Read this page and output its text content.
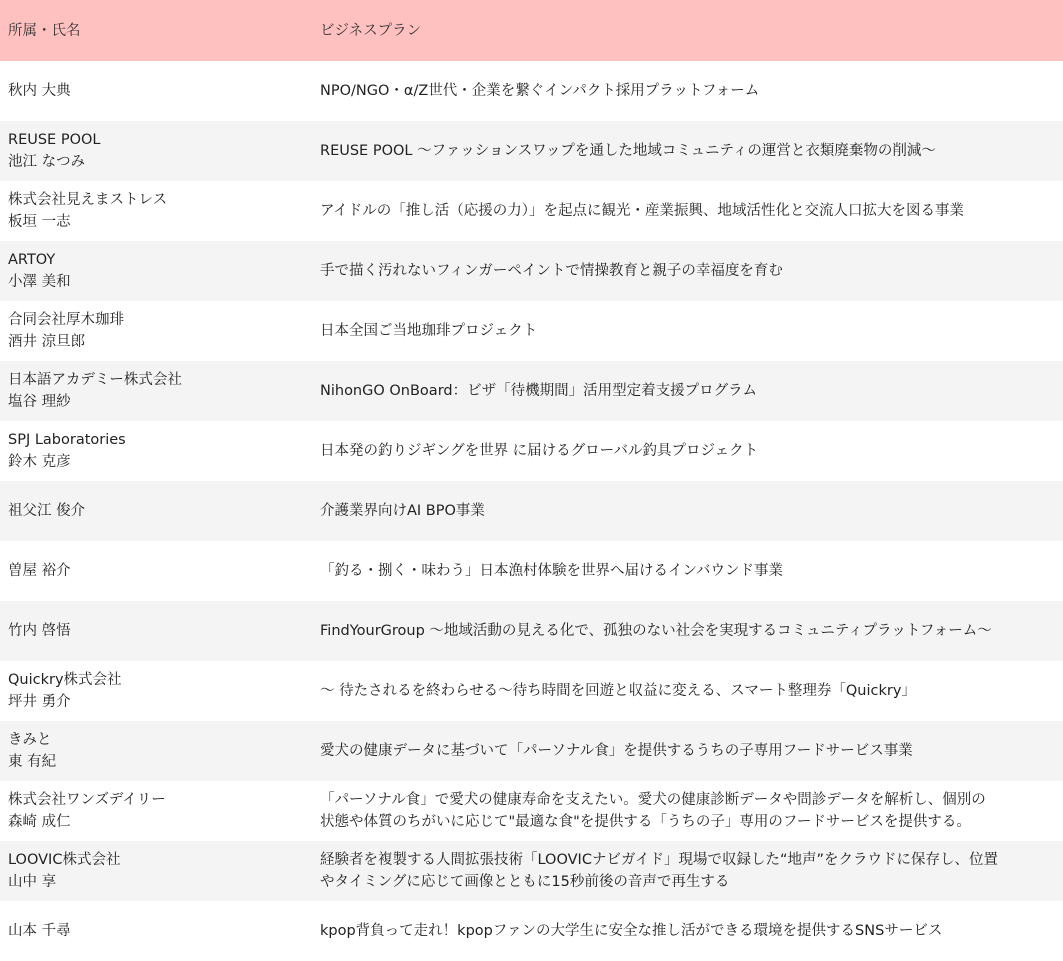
所属・氏名	ビジネスプラン

秋内 大典	NPO/NGO・α/Z世代・企業を繋ぐインパクト採用プラットフォーム

REUSE POOL
池江 なつみ	REUSE POOL 〜ファッションスワップを通した地域コミュニティの運営と衣類廃棄物の削減〜

株式会社見えまストレス
板垣 一志	アイドルの「推し活（応援の力）」を起点に観光・産業振興、地域活性化と交流人口拡大を図る事業

ARTOY
小澤 美和	手で描く汚れないフィンガーペイントで情操教育と親子の幸福度を育む

合同会社厚木珈琲
酒井 涼旦郎	日本全国ご当地珈琲プロジェクト

日本語アカデミー株式会社
塩谷 理紗	NihonGO OnBoard：ビザ「待機期間」活用型定着支援プログラム

SPJ Laboratories
鈴木 克彦	日本発の釣りジギングを世界 に届けるグローバル釣具プロジェクト

祖父江 俊介	介護業界向けAI BPO事業

曽屋 裕介	「釣る・捌く・味わう」日本漁村体験を世界へ届けるインバウンド事業

竹内 啓悟	FindYourGroup 〜地域活動の見える化で、孤独のない社会を実現するコミュニティプラットフォーム〜

Quickry株式会社
坪井 勇介	〜 待たされるを終わらせる〜待ち時間を回遊と収益に変える、スマート整理券「Quickry」

きみと
東 有紀	愛犬の健康データに基づいて「パーソナル食」を提供するうちの子専用フードサービス事業

株式会社ワンズデイリー
森崎 成仁	「パーソナル食」で愛犬の健康寿命を支えたい。愛犬の健康診断データや問診データを解析し、個別の
状態や体質のちがいに応じて"最適な食"を提供する「うちの子」専用のフードサービスを提供する。

LOOVIC株式会社
山中 享	経験者を複製する人間拡張技術「LOOVICナビガイド」現場で収録した“地声”をクラウドに保存し、位置
やタイミングに応じて画像とともに15秒前後の音声で再生する

山本 千尋	kpop背負って走れ！kpopファンの大学生に安全な推し活ができる環境を提供するSNSサービス
